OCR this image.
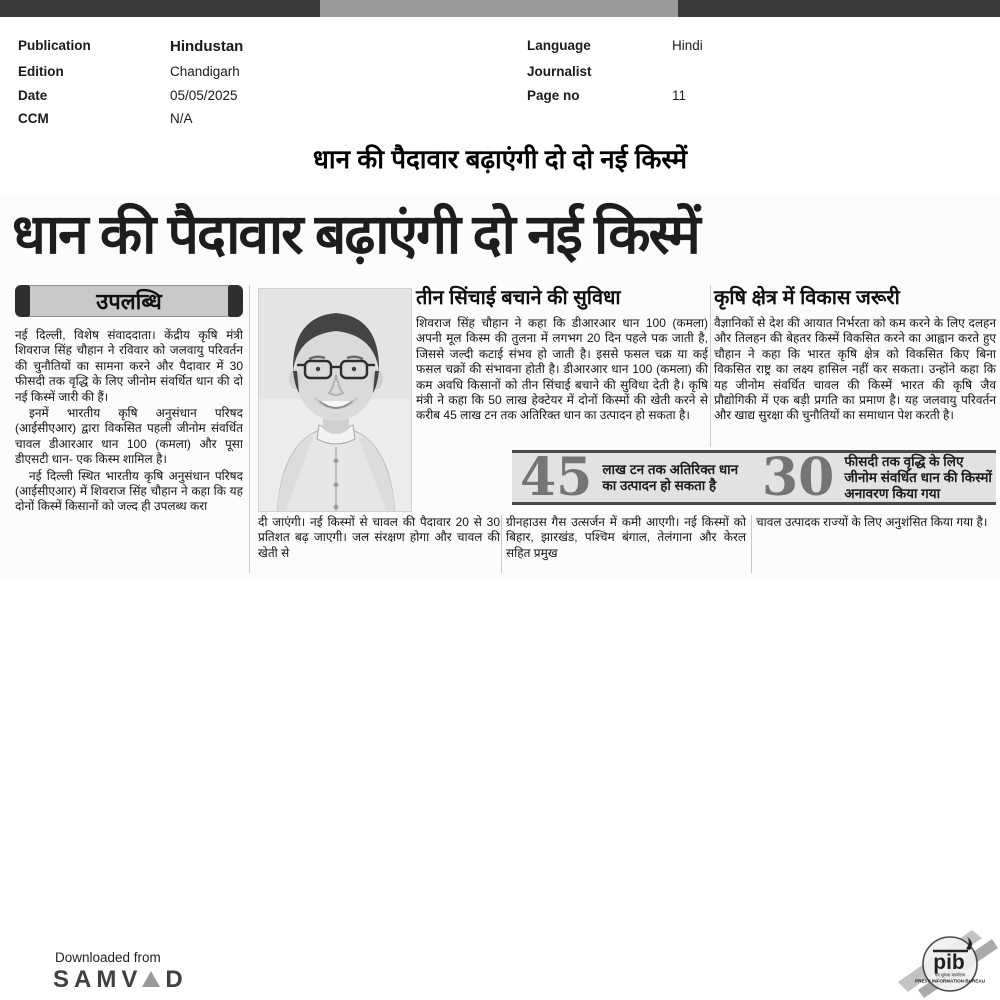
Publication	Hindustan
Edition	Chandigarh
Date	05/05/2025
CCM	N/A
Language	Hindi
Journalist
Page no	11
धान की पैदावार बढ़ाएंगी दो दो नई किस्में
धान की पैदावार बढ़ाएंगी दो नई किस्में
उपलब्धि

नई दिल्ली, विशेष संवाददाता। केंद्रीय कृषि मंत्री शिवराज सिंह चौहान ने रविवार को जलवायु परिवर्तन की चुनौतियों का सामना करने और पैदावार में 30 फीसदी तक वृद्धि के लिए जीनोम संवर्धित धान की दो नई किस्में जारी की हैं।

इनमें भारतीय कृषि अनुसंधान परिषद (आईसीएआर) द्वारा विकसित पहली जीनोम संवर्धित चावल डीआरआर धान 100 (कमला) और पूसा डीएसटी धान- एक किस्म शामिल है।

नई दिल्ली स्थित भारतीय कृषि अनुसंधान परिषद (आईसीएआर) में शिवराज सिंह चौहान ने कहा कि यह दोनों किस्में किसानों को जल्द ही उपलब्ध करा

तीन सिंचाई बचाने की सुविधा
शिवराज सिंह चौहान ने कहा कि डीआरआर धान 100 (कमला) अपनी मूल किस्म की तुलना में लगभग 20 दिन पहले पक जाती है, जिससे जल्दी कटाई संभव हो जाती है। इससे फसल चक्र या कई फसल चक्रों की संभावना होती है। डीआरआर धान 100 (कमला) की कम अवधि किसानों को तीन सिंचाई बचाने की सुविधा देती है। कृषि मंत्री ने कहा कि 50 लाख हेक्टेयर में दोनों किस्मों की खेती करने से करीब 45 लाख टन तक अतिरिक्त धान का उत्पादन हो सकता है।
कृषि क्षेत्र में विकास जरूरी
वैज्ञानिकों से देश की आयात निर्भरता को कम करने के लिए दलहन और तिलहन की बेहतर किस्में विकसित करने का आह्वान करते हुए चौहान ने कहा कि भारत कृषि क्षेत्र को विकसित किए बिना विकसित राष्ट्र का लक्ष्य हासिल नहीं कर सकता। उन्होंने कहा कि यह जीनोम संवर्धित चावल की किस्में भारत की कृषि जैव प्रौद्योगिकी में एक बड़ी प्रगति का प्रमाण है। यह जलवायु परिवर्तन और खाद्य सुरक्षा की चुनौतियों का समाधान पेश करती है।
45 लाख टन तक अतिरिक्त धान का उत्पादन हो सकता है 30 फीसदी तक वृद्धि के लिए जीनोम संवर्धित धान की किस्मों अनावरण किया गया
दी जाएंगी। नई किस्मों से चावल की पैदावार 20 से 30 प्रतिशत बढ़ जाएगी। जल संरक्षण होगा और चावल की खेती से
ग्रीनहाउस गैस उत्सर्जन में कमी आएगी। नई किस्मों को बिहार, झारखंड, पश्चिम बंगाल, तेलंगाना और केरल सहित प्रमुख
चावल उत्पादक राज्यों के लिए अनुशंसित किया गया है।
Downloaded from
SAMV D
pib
पत्र सूचना कार्यालय
PRESS INFORMATION BUREAU
